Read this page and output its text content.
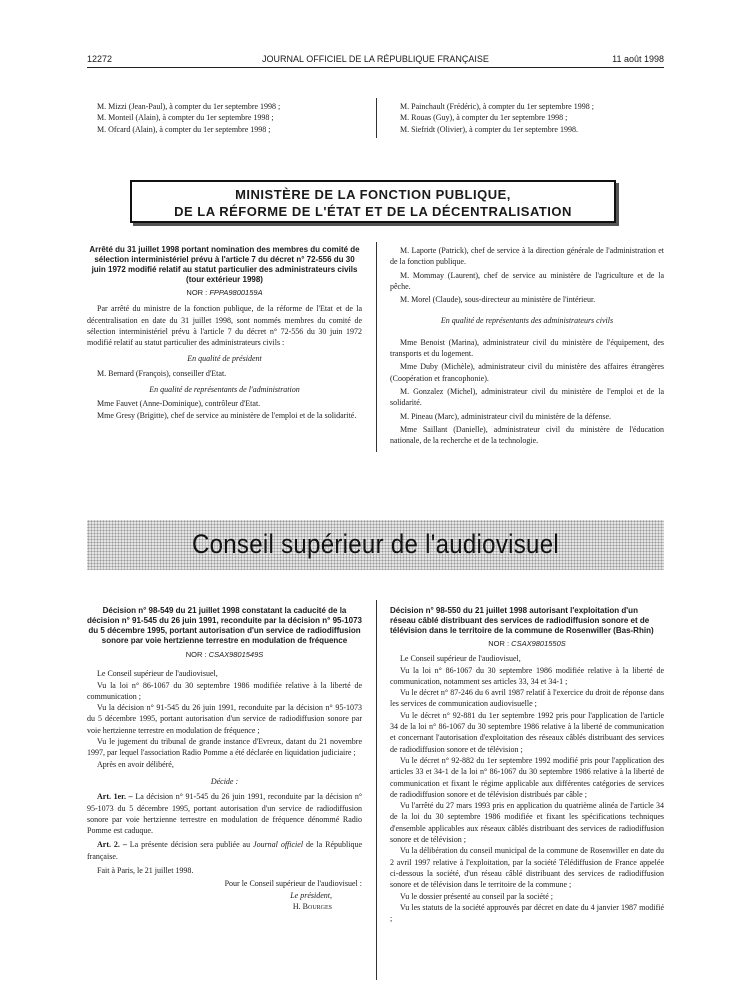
12272	JOURNAL OFFICIEL DE LA RÉPUBLIQUE FRANÇAISE	11 août 1998

M. Mizzi (Jean-Paul), à compter du 1er septembre 1998 ;

M. Monteil (Alain), à compter du 1er septembre 1998 ;

M. Ofcard (Alain), à compter du 1er septembre 1998 ;

M. Painchault (Frédéric), à compter du 1er septembre 1998 ;

M. Rouas (Guy), à compter du 1er septembre 1998 ;

M. Siefridt (Olivier), à compter du 1er septembre 1998.

MINISTÈRE DE LA FONCTION PUBLIQUE,
DE LA RÉFORME DE L'ÉTAT ET DE LA DÉCENTRALISATION

Arrêté du 31 juillet 1998 portant nomination des membres du comité de sélection interministériel prévu à l'article 7 du décret n° 72-556 du 30 juin 1972 modifié relatif au statut particulier des administrateurs civils (tour extérieur 1998)

NOR : FPPA9800159A

Par arrêté du ministre de la fonction publique, de la réforme de l'Etat et de la décentralisation en date du 31 juillet 1998, sont nommés membres du comité de sélection interministériel prévu à l'article 7 du décret n° 72-556 du 30 juin 1972 modifié relatif au statut particulier des administrateurs civils :

En qualité de président

M. Bernard (François), conseiller d'Etat.

En qualité de représentants de l'administration

Mme Fauvet (Anne-Dominique), contrôleur d'Etat.

Mme Gresy (Brigitte), chef de service au ministère de l'emploi et de la solidarité.

M. Laporte (Patrick), chef de service à la direction générale de l'administration et de la fonction publique.

M. Mommay (Laurent), chef de service au ministère de l'agriculture et de la pêche.

M. Morel (Claude), sous-directeur au ministère de l'intérieur.

En qualité de représentants des administrateurs civils

Mme Benoist (Marina), administrateur civil du ministère de l'équipement, des transports et du logement.

Mme Duby (Michèle), administrateur civil du ministère des affaires étrangères (Coopération et francophonie).

M. Gonzalez (Michel), administrateur civil du ministère de l'emploi et de la solidarité.

M. Pineau (Marc), administrateur civil du ministère de la défense.

Mme Saillant (Danielle), administrateur civil du ministère de l'éducation nationale, de la recherche et de la technologie.

Conseil supérieur de l'audiovisuel

Décision n° 98-549 du 21 juillet 1998 constatant la caducité de la décision n° 91-545 du 26 juin 1991, reconduite par la décision n° 95-1073 du 5 décembre 1995, portant autorisation d'un service de radiodiffusion sonore par voie hertzienne terrestre en modulation de fréquence

NOR : CSAX9801549S

Le Conseil supérieur de l'audiovisuel,

Vu la loi n° 86-1067 du 30 septembre 1986 modifiée relative à la liberté de communication ;

Vu la décision n° 91-545 du 26 juin 1991, reconduite par la décision n° 95-1073 du 5 décembre 1995, portant autorisation d'un service de radiodiffusion sonore par voie hertzienne terrestre en modulation de fréquence ;

Vu le jugement du tribunal de grande instance d'Evreux, datant du 21 novembre 1997, par lequel l'association Radio Pomme a été déclarée en liquidation judiciaire ;

Après en avoir délibéré,

Décide :

Art. 1er. – La décision n° 91-545 du 26 juin 1991, reconduite par la décision n° 95-1073 du 5 décembre 1995, portant autorisation d'un service de radiodiffusion sonore par voie hertzienne terrestre en modulation de fréquence dénommé Radio Pomme est caduque.

Art. 2. – La présente décision sera publiée au Journal officiel de la République française.

Fait à Paris, le 21 juillet 1998.

Pour le Conseil supérieur de l'audiovisuel :

Le président,

H. Bourges

Décision n° 98-550 du 21 juillet 1998 autorisant l'exploitation d'un réseau câblé distribuant des services de radiodiffusion sonore et de télévision dans le territoire de la commune de Rosenwiller (Bas-Rhin)

NOR : CSAX9801550S

Le Conseil supérieur de l'audiovisuel,

Vu la loi n° 86-1067 du 30 septembre 1986 modifiée relative à la liberté de communication, notamment ses articles 33, 34 et 34-1 ;

Vu le décret n° 87-246 du 6 avril 1987 relatif à l'exercice du droit de réponse dans les services de communication audiovisuelle ;

Vu le décret n° 92-881 du 1er septembre 1992 pris pour l'application de l'article 34 de la loi n° 86-1067 du 30 septembre 1986 relative à la liberté de communication et concernant l'autorisation d'exploitation des réseaux câblés distribuant des services de radiodiffusion sonore et de télévision ;

Vu le décret n° 92-882 du 1er septembre 1992 modifié pris pour l'application des articles 33 et 34-1 de la loi n° 86-1067 du 30 septembre 1986 relative à la liberté de communication et fixant le régime applicable aux différentes catégories de services de radiodiffusion sonore et de télévision distribués par câble ;

Vu l'arrêté du 27 mars 1993 pris en application du quatrième alinéa de l'article 34 de la loi du 30 septembre 1986 modifiée et fixant les spécifications techniques d'ensemble applicables aux réseaux câblés distribuant des services de radiodiffusion sonore et de télévision ;

Vu la délibération du conseil municipal de la commune de Rosenwiller en date du 2 avril 1997 relative à l'exploitation, par la société Télédiffusion de France appelée ci-dessous la société, d'un réseau câblé distribuant des services de radiodiffusion sonore et de télévision dans le territoire de la commune ;

Vu le dossier présenté au conseil par la société ;

Vu les statuts de la société approuvés par décret en date du 4 janvier 1987 modifié ;
